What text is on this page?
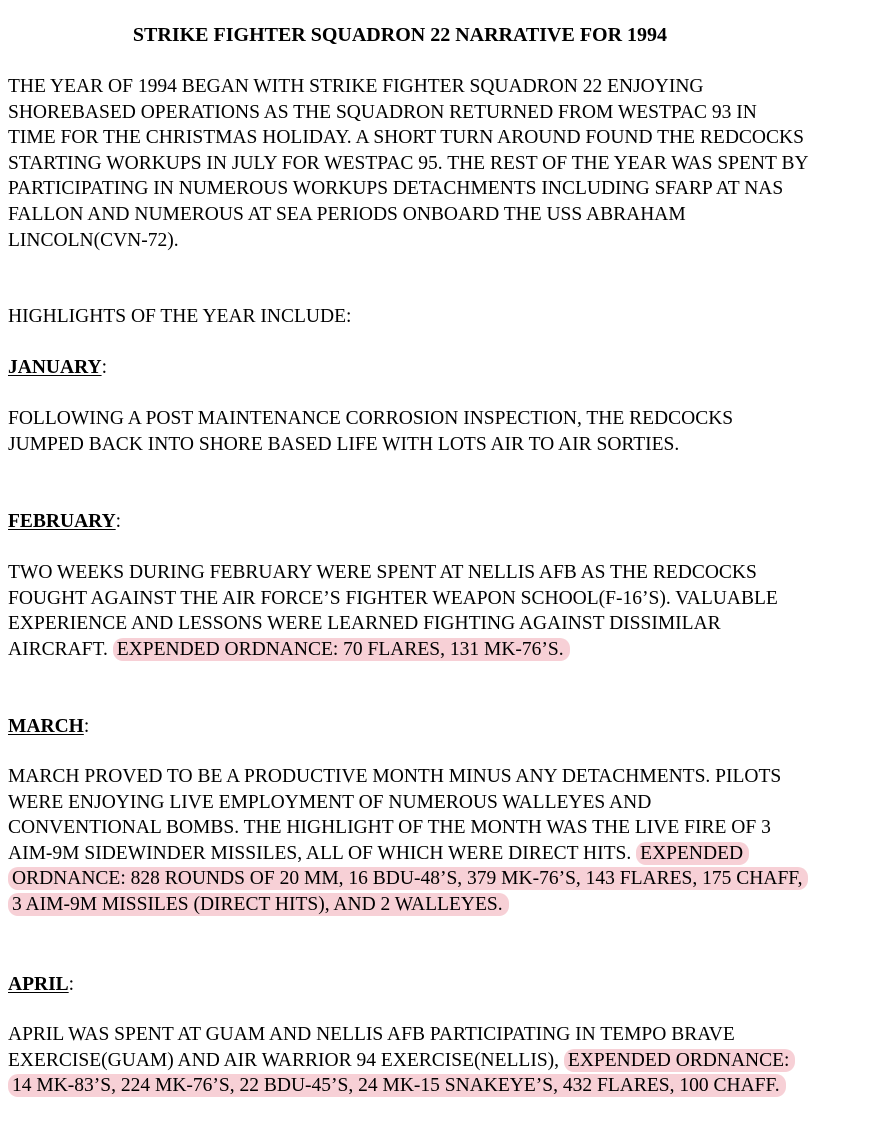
STRIKE FIGHTER SQUADRON 22 NARRATIVE FOR 1994
THE YEAR OF 1994 BEGAN WITH STRIKE FIGHTER SQUADRON 22 ENJOYING SHOREBASED OPERATIONS AS THE SQUADRON RETURNED FROM WESTPAC 93 IN TIME FOR THE CHRISTMAS HOLIDAY. A SHORT TURN AROUND FOUND THE REDCOCKS STARTING WORKUPS IN JULY FOR WESTPAC 95. THE REST OF THE YEAR WAS SPENT BY PARTICIPATING IN NUMEROUS WORKUPS DETACHMENTS INCLUDING SFARP AT NAS FALLON AND NUMEROUS AT SEA PERIODS ONBOARD THE USS ABRAHAM LINCOLN(CVN-72).
HIGHLIGHTS OF THE YEAR INCLUDE:
JANUARY:
FOLLOWING A POST MAINTENANCE CORROSION INSPECTION, THE REDCOCKS JUMPED BACK INTO SHORE BASED LIFE WITH LOTS AIR TO AIR SORTIES.
FEBRUARY:
TWO WEEKS DURING FEBRUARY WERE SPENT AT NELLIS AFB AS THE REDCOCKS FOUGHT AGAINST THE AIR FORCE’S FIGHTER WEAPON SCHOOL(F-16’S). VALUABLE EXPERIENCE AND LESSONS WERE LEARNED FIGHTING AGAINST DISSIMILAR AIRCRAFT. EXPENDED ORDNANCE: 70 FLARES, 131 MK-76’S.
MARCH:
MARCH PROVED TO BE A PRODUCTIVE MONTH MINUS ANY DETACHMENTS. PILOTS WERE ENJOYING LIVE EMPLOYMENT OF NUMEROUS WALLEYES AND CONVENTIONAL BOMBS. THE HIGHLIGHT OF THE MONTH WAS THE LIVE FIRE OF 3 AIM-9M SIDEWINDER MISSILES, ALL OF WHICH WERE DIRECT HITS. EXPENDED ORDNANCE: 828 ROUNDS OF 20 MM, 16 BDU-48’S, 379 MK-76’S, 143 FLARES, 175 CHAFF, 3 AIM-9M MISSILES (DIRECT HITS), AND 2 WALLEYES.
APRIL:
APRIL WAS SPENT AT GUAM AND NELLIS AFB PARTICIPATING IN TEMPO BRAVE EXERCISE(GUAM) AND AIR WARRIOR 94 EXERCISE(NELLIS), EXPENDED ORDNANCE: 14 MK-83’S, 224 MK-76’S, 22 BDU-45’S, 24 MK-15 SNAKEYE’S, 432 FLARES, 100 CHAFF.
